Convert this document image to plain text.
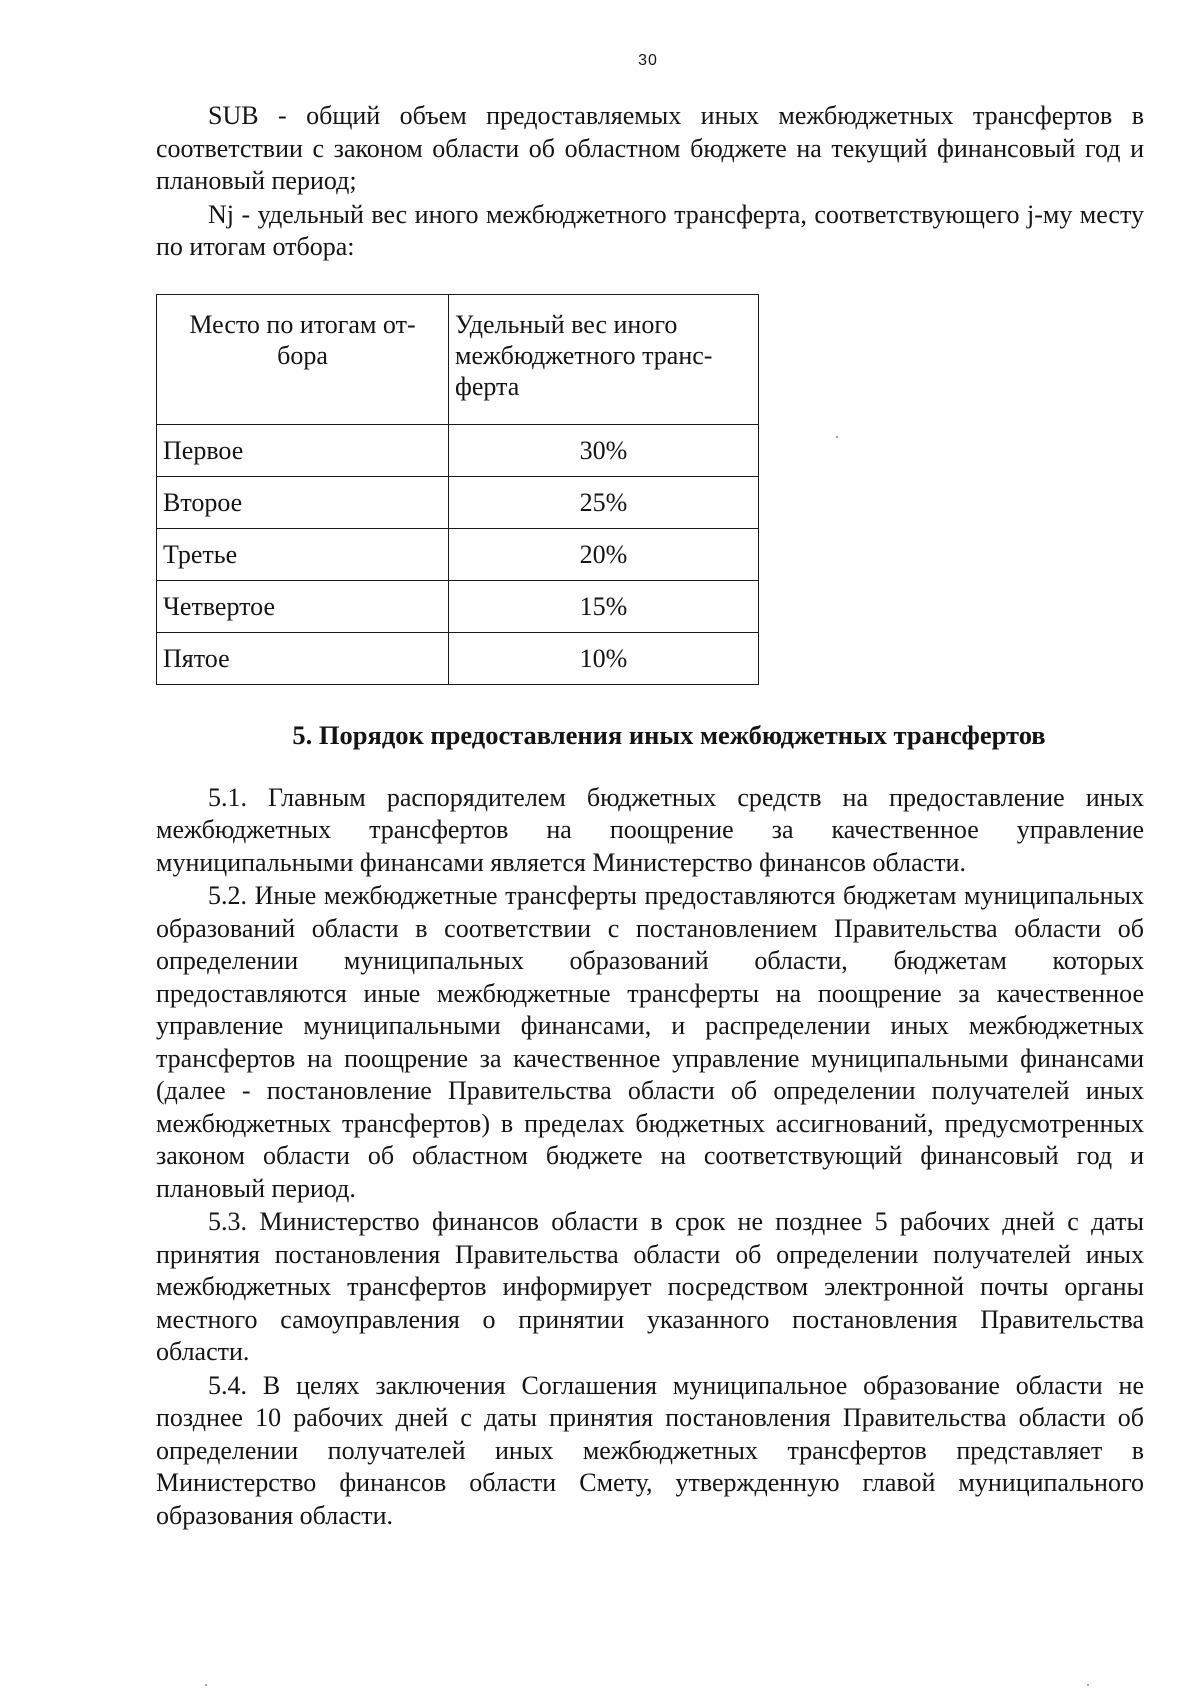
30

SUB - общий объем предоставляемых иных межбюджетных трансфертов в соответствии с законом области об областном бюджете на текущий финансовый год и плановый период;

Nj - удельный вес иного межбюджетного трансферта, соответствующего j-му месту по итогам отбора:

Место по итогам от-бора	Удельный вес иного межбюджетного транс-ферта
Первое	30%
Второе	25%
Третье	20%
Четвертое	15%
Пятое	10%
5. Порядок предоставления иных межбюджетных трансфертов

5.1. Главным распорядителем бюджетных средств на предоставление иных межбюджетных трансфертов на поощрение за качественное управление муниципальными финансами является Министерство финансов области.

5.2. Иные межбюджетные трансферты предоставляются бюджетам муниципальных образований области в соответствии с постановлением Правительства области об определении муниципальных образований области, бюджетам которых предоставляются иные межбюджетные трансферты на поощрение за качественное управление муниципальными финансами, и распределении иных межбюджетных трансфертов на поощрение за качественное управление муниципальными финансами (далее - постановление Правительства области об определении получателей иных межбюджетных трансфертов) в пределах бюджетных ассигнований, предусмотренных законом области об областном бюджете на соответствующий финансовый год и плановый период.

5.3. Министерство финансов области в срок не позднее 5 рабочих дней с даты принятия постановления Правительства области об определении получателей иных межбюджетных трансфертов информирует посредством электронной почты органы местного самоуправления о принятии указанного постановления Правительства области.

5.4. В целях заключения Соглашения муниципальное образование области не позднее 10 рабочих дней с даты принятия постановления Правительства области об определении получателей иных межбюджетных трансфертов представляет в Министерство финансов области Смету, утвержденную главой муниципального образования области.
